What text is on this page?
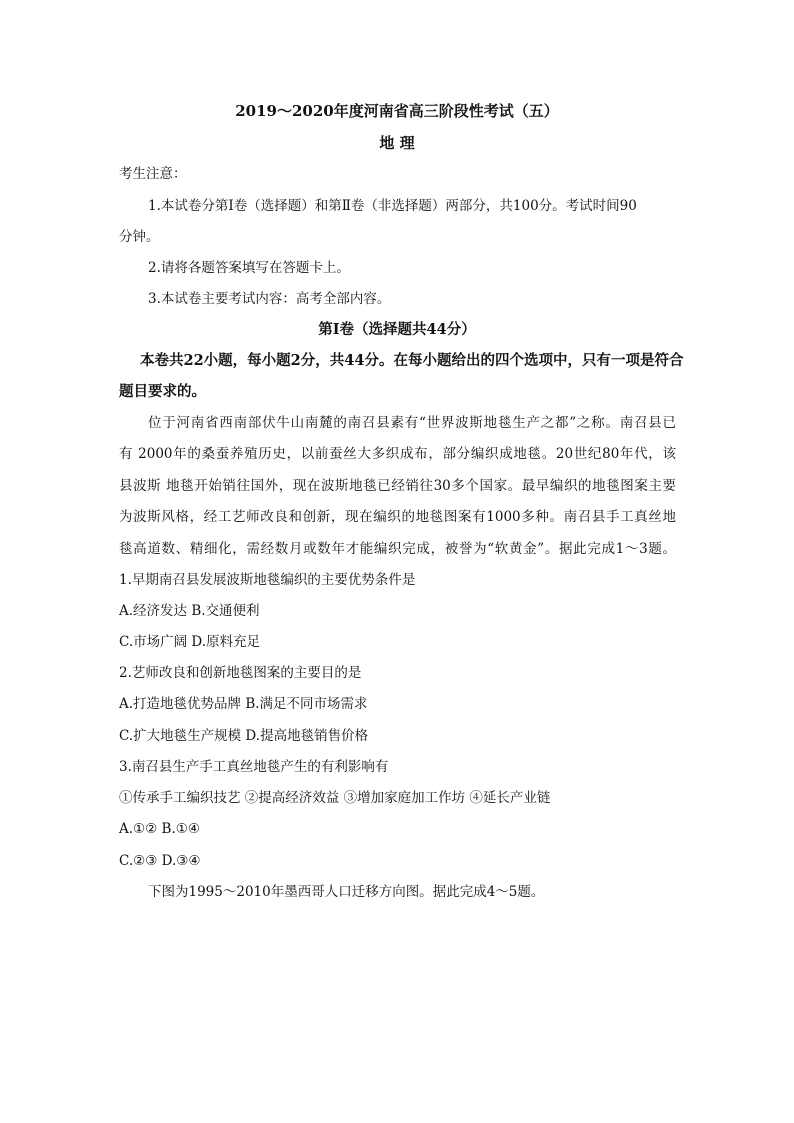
2019～2020年度河南省高三阶段性考试（五）
地 理
考生注意：
1.本试卷分第Ⅰ卷（选择题）和第Ⅱ卷（非选择题）两部分，共100分。考试时间90
分钟。
2.请将各题答案填写在答题卡上。
3.本试卷主要考试内容：高考全部内容。
第Ⅰ卷（选择题共44分）
本卷共22小题，每小题2分，共44分。在每小题给出的四个选项中，只有一项是符合
题目要求的。
位于河南省西南部伏牛山南麓的南召县素有“世界波斯地毯生产之都”之称。南召县已
有 2000年的桑蚕养殖历史，以前蚕丝大多织成布，部分编织成地毯。20世纪80年代，该
县波斯 地毯开始销往国外，现在波斯地毯已经销往30多个国家。最早编织的地毯图案主要
为波斯风格，经工艺师改良和创新，现在编织的地毯图案有1000多种。南召县手工真丝地
毯高道数、精细化，需经数月或数年才能编织完成，被誉为“软黄金”。据此完成1～3题。
1.早期南召县发展波斯地毯编织的主要优势条件是
A.经济发达 B.交通便利
C.市场广阔 D.原料充足
2.艺师改良和创新地毯图案的主要目的是
A.打造地毯优势品牌 B.满足不同市场需求
C.扩大地毯生产规模 D.提高地毯销售价格
3.南召县生产手工真丝地毯产生的有利影响有
①传承手工编织技艺 ②提高经济效益 ③增加家庭加工作坊 ④延长产业链
A.①② B.①④
C.②③ D.③④
下图为1995～2010年墨西哥人口迁移方向图。据此完成4～5题。
